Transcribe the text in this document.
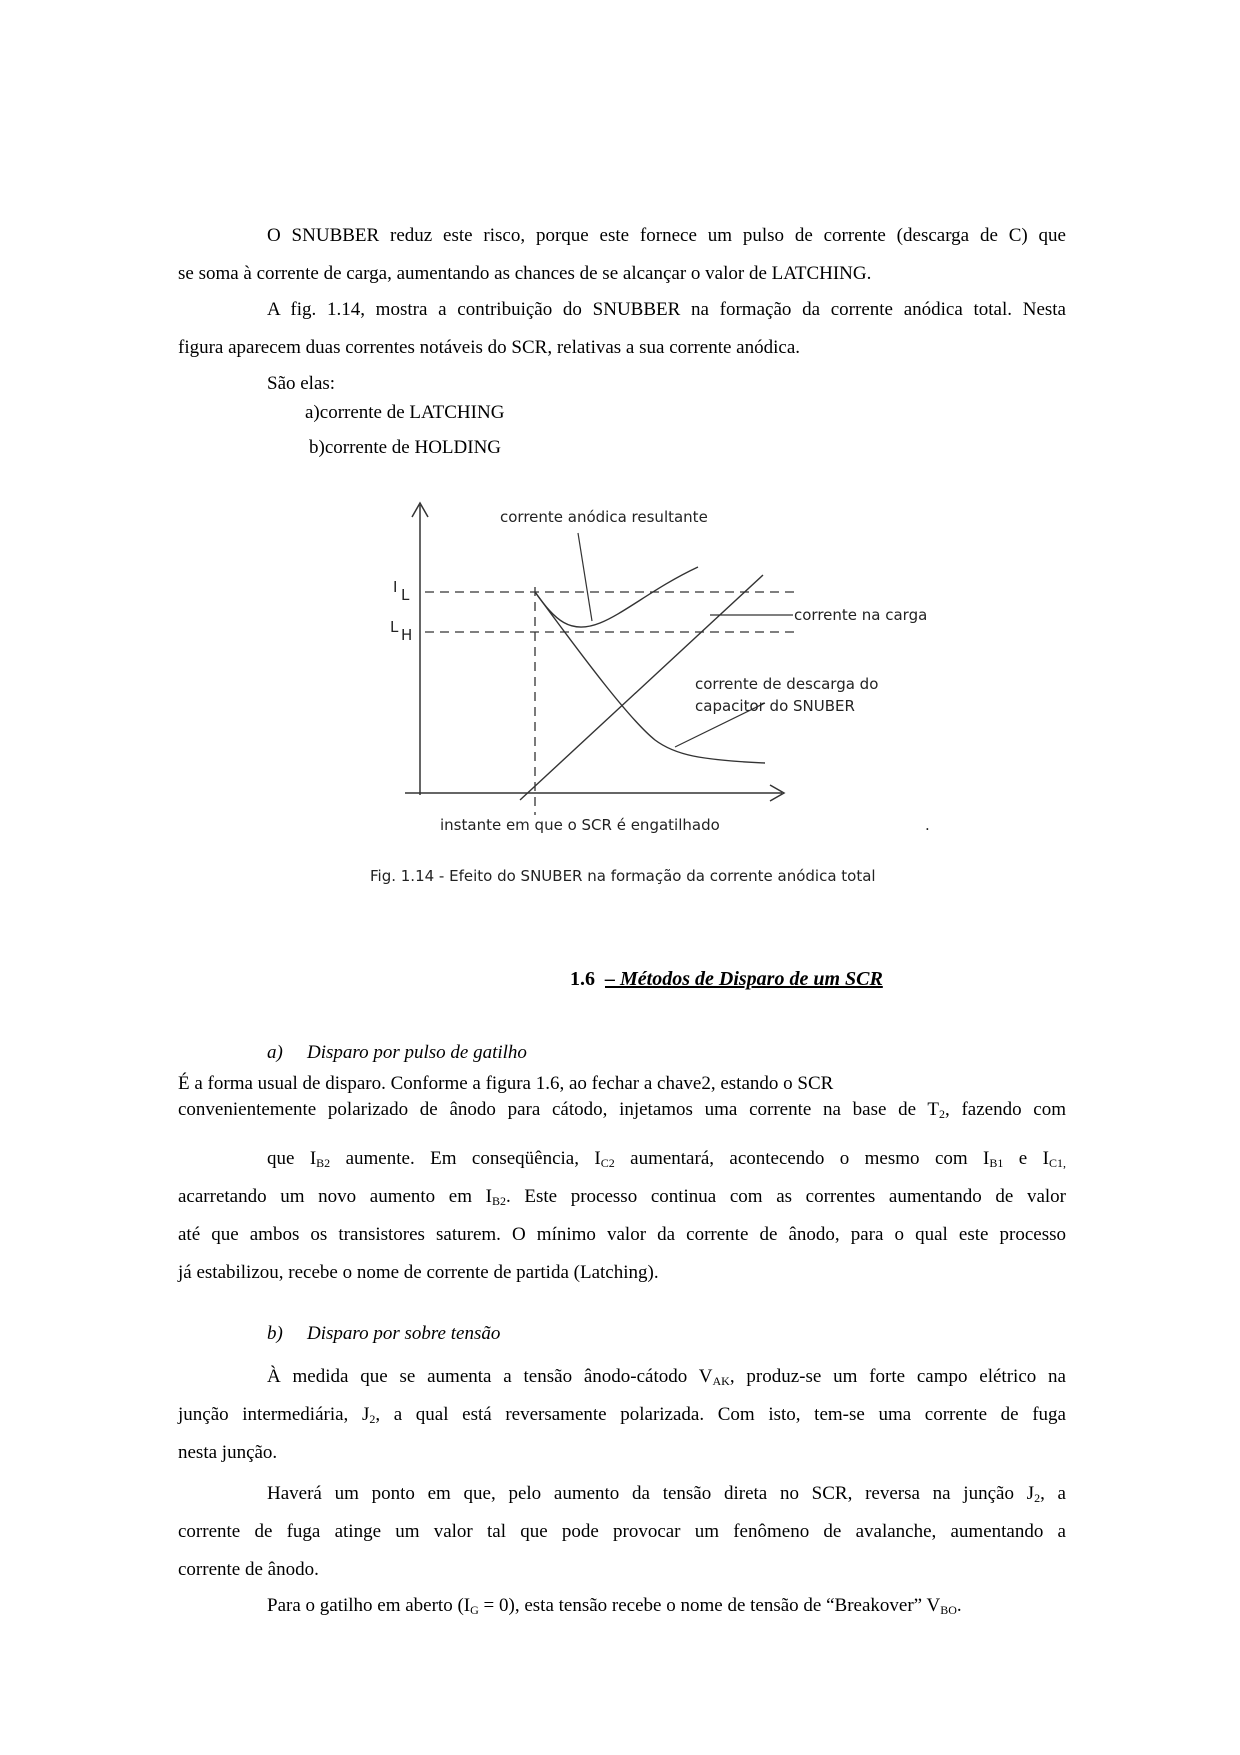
O SNUBBER reduz este risco, porque este fornece um pulso de corrente (descarga de C) que
se soma à corrente de carga, aumentando as chances de se alcançar o valor de LATCHING.
A fig. 1.14, mostra a contribuição do SNUBBER na formação da corrente anódica total. Nesta
figura aparecem duas correntes notáveis do SCR, relativas a sua corrente anódica.
São elas:
a)corrente de LATCHING
b)corrente de HOLDING
I L
L H
corrente anódica resultante
corrente na carga
corrente de descarga do
capacitor do SNUBER
instante em que o SCR é engatilhado	.
Fig. 1.14 - Efeito do SNUBER na formação da corrente anódica total
1.6 – Métodos de Disparo de um SCR
a) Disparo por pulso de gatilho
É a forma usual de disparo. Conforme a figura 1.6, ao fechar a chave2, estando o SCR
convenientemente polarizado de ânodo para cátodo, injetamos uma corrente na base de $T_2$, fazendo com
que $I_{B2}$ aumente. Em conseqüência, $I_{C2}$ aumentará, acontecendo o mesmo com $I_{B1}$ e $I_{C1,}$
acarretando um novo aumento em $I_{B2}$. Este processo continua com as correntes aumentando de valor
até que ambos os transistores saturem. O mínimo valor da corrente de ânodo, para o qual este processo
já estabilizou, recebe o nome de corrente de partida (Latching).
b) Disparo por sobre tensão
À medida que se aumenta a tensão ânodo-cátodo $V_{AK}$, produz-se um forte campo elétrico na
junção intermediária, $J_2$, a qual está reversamente polarizada. Com isto, tem-se uma corrente de fuga
nesta junção.
Haverá um ponto em que, pelo aumento da tensão direta no SCR, reversa na junção $J_2$, a
corrente de fuga atinge um valor tal que pode provocar um fenômeno de avalanche, aumentando a
corrente de ânodo.
Para o gatilho em aberto $(I_G = 0)$, esta tensão recebe o nome de tensão de “Breakover” $V_{BO}$.
